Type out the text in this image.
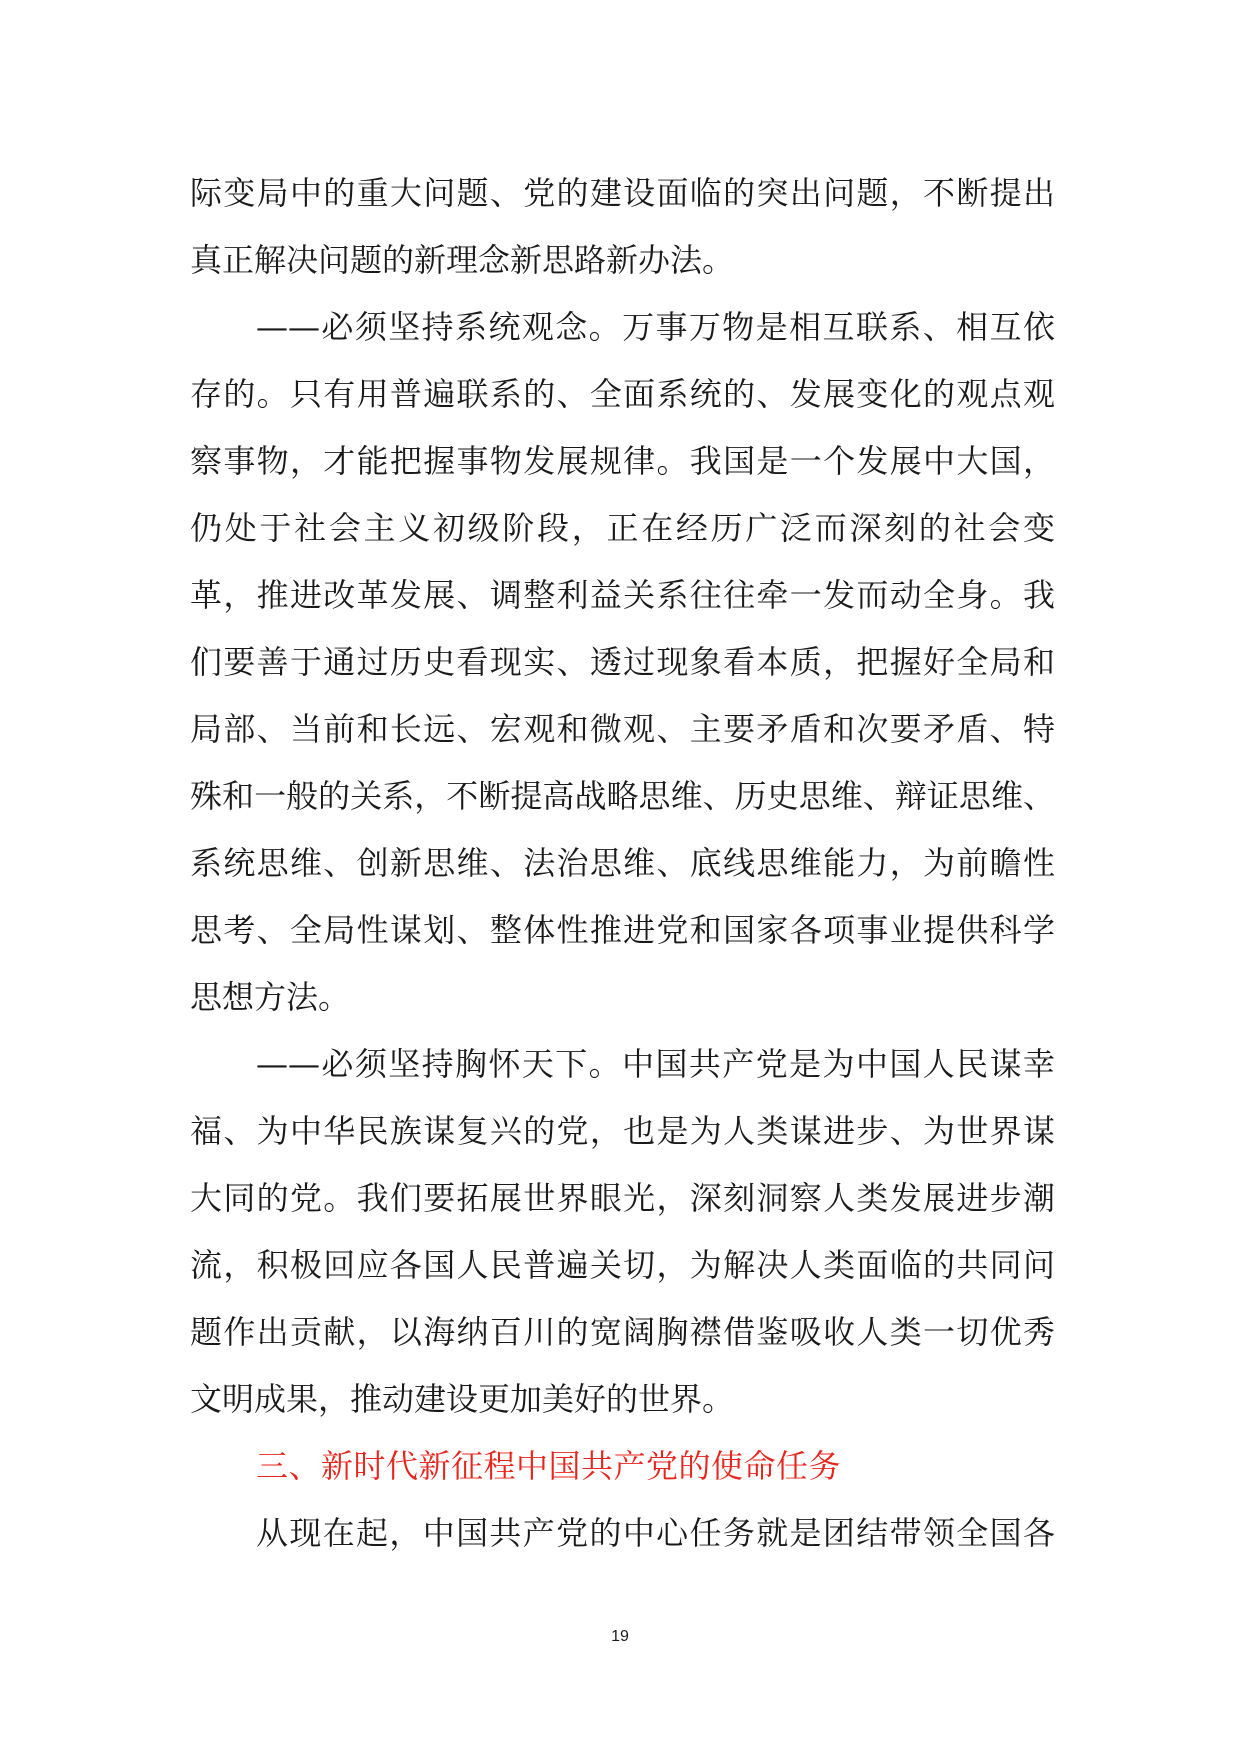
际变局中的重大问题、党的建设面临的突出问题，不断提出
真正解决问题的新理念新思路新办法。
——必须坚持系统观念。万事万物是相互联系、相互依
存的。只有用普遍联系的、全面系统的、发展变化的观点观
察事物，才能把握事物发展规律。我国是一个发展中大国，
仍处于社会主义初级阶段，正在经历广泛而深刻的社会变
革，推进改革发展、调整利益关系往往牵一发而动全身。我
们要善于通过历史看现实、透过现象看本质，把握好全局和
局部、当前和长远、宏观和微观、主要矛盾和次要矛盾、特
殊和一般的关系，不断提高战略思维、历史思维、辩证思维、
系统思维、创新思维、法治思维、底线思维能力，为前瞻性
思考、全局性谋划、整体性推进党和国家各项事业提供科学
思想方法。
——必须坚持胸怀天下。中国共产党是为中国人民谋幸
福、为中华民族谋复兴的党，也是为人类谋进步、为世界谋
大同的党。我们要拓展世界眼光，深刻洞察人类发展进步潮
流，积极回应各国人民普遍关切，为解决人类面临的共同问
题作出贡献，以海纳百川的宽阔胸襟借鉴吸收人类一切优秀
文明成果，推动建设更加美好的世界。
三、新时代新征程中国共产党的使命任务
从现在起，中国共产党的中心任务就是团结带领全国各
19
